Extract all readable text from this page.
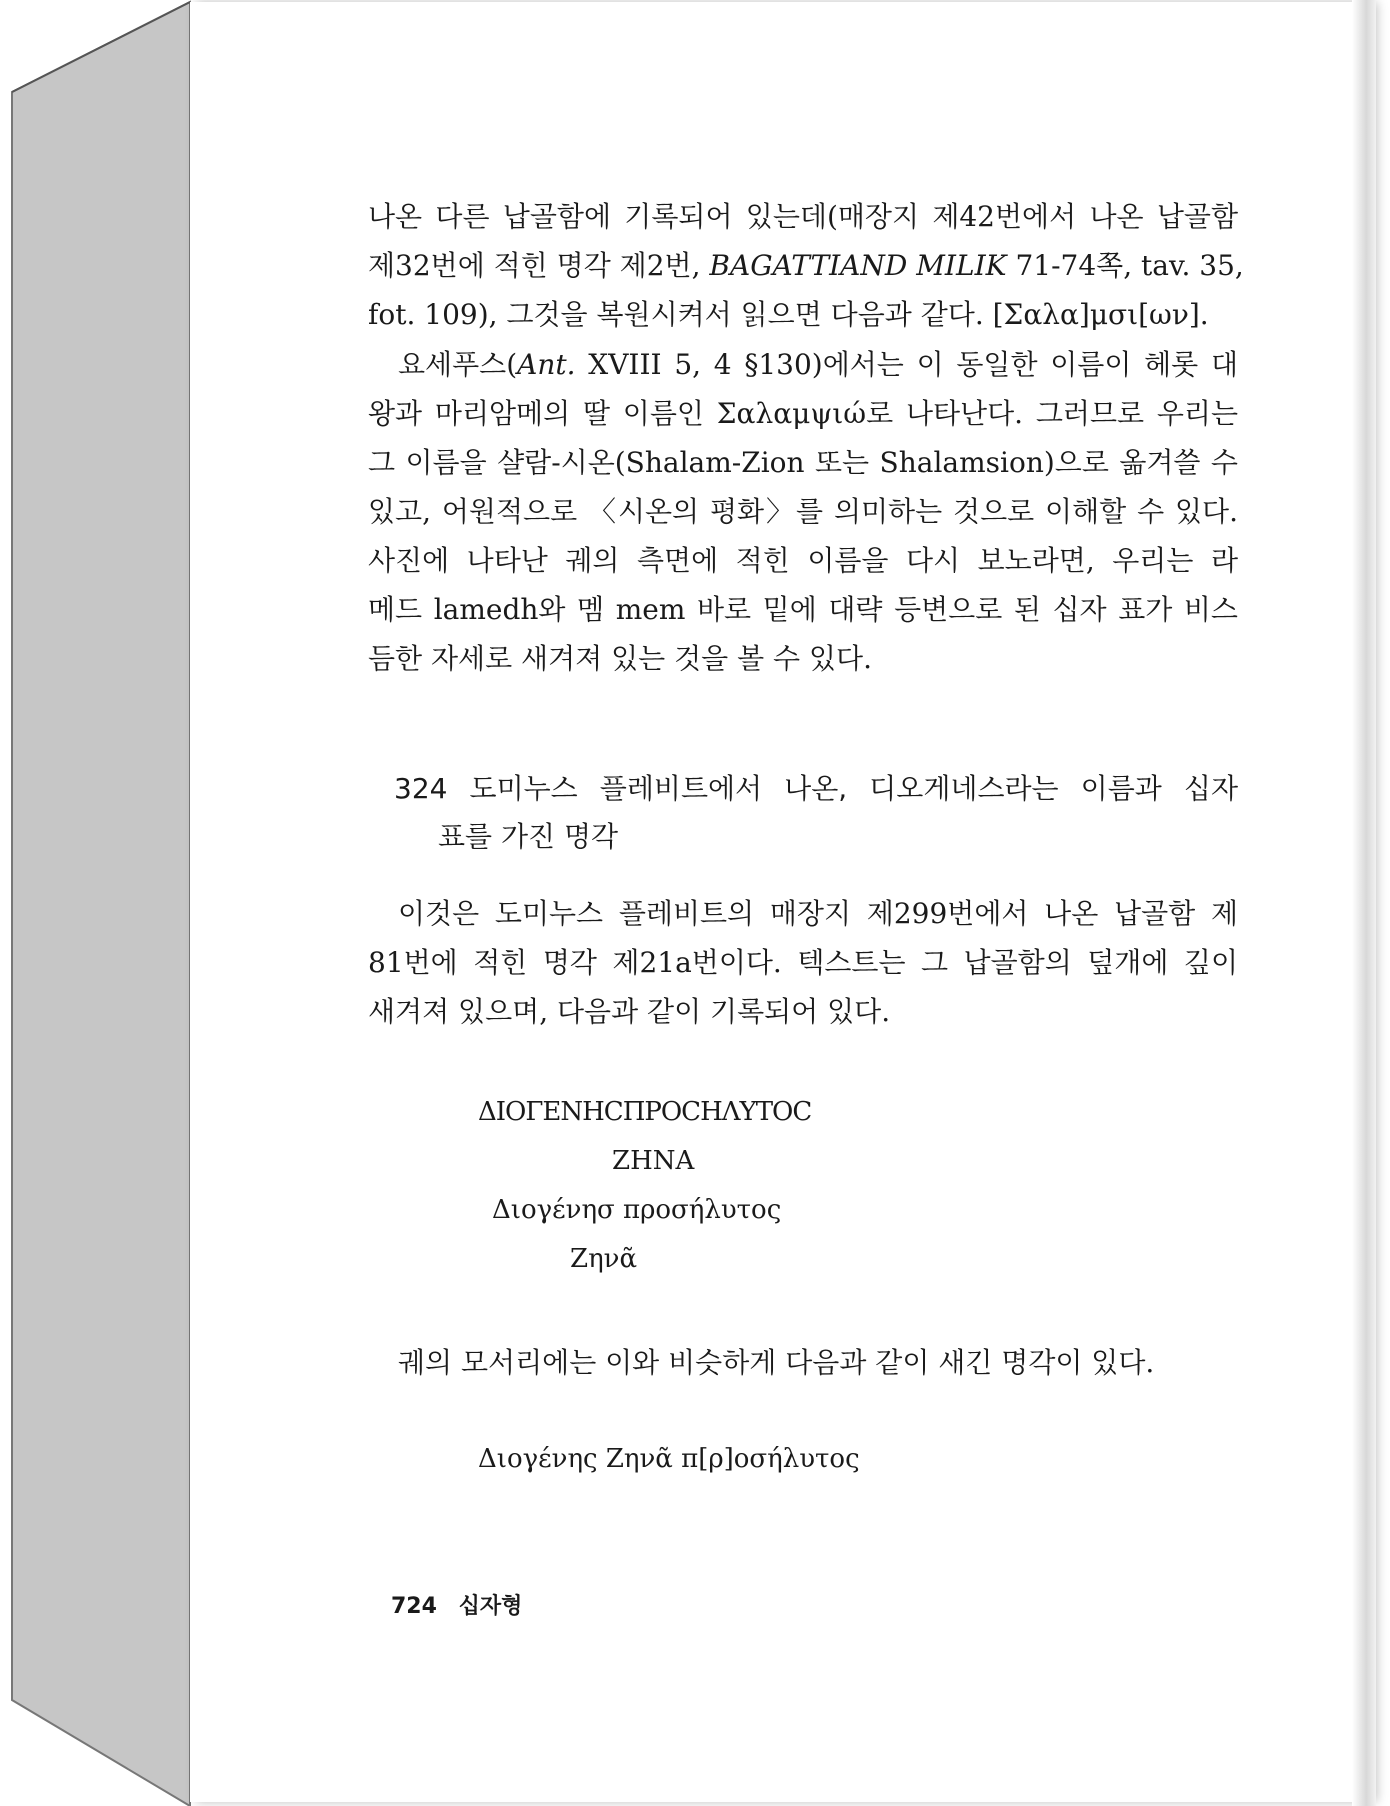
나온 다른 납골함에 기록되어 있는데(매장지 제42번에서 나온 납골함
제32번에 적힌 명각 제2번, BAGATTIAND MILIK 71-74쪽, tav. 35,
fot. 109), 그것을 복원시켜서 읽으면 다음과 같다. [Σαλα]μσι[ων].
요세푸스(Ant. XVIII 5, 4 §130)에서는 이 동일한 이름이 헤롯 대
왕과 마리암메의 딸 이름인 Σαλαμψιώ로 나타난다. 그러므로 우리는
그 이름을 샬람-시온(Shalam-Zion 또는 Shalamsion)으로 옮겨쓸 수
있고, 어원적으로 〈시온의 평화〉를 의미하는 것으로 이해할 수 있다.
사진에 나타난 궤의 측면에 적힌 이름을 다시 보노라면, 우리는 라
메드 lamedh와 멤 mem 바로 밑에 대략 등변으로 된 십자 표가 비스
듬한 자세로 새겨져 있는 것을 볼 수 있다.
324 도미누스 플레비트에서 나온, 디오게네스라는 이름과 십자
표를 가진 명각
이것은 도미누스 플레비트의 매장지 제299번에서 나온 납골함 제
81번에 적힌 명각 제21a번이다. 텍스트는 그 납골함의 덮개에 깊이
새겨져 있으며, 다음과 같이 기록되어 있다.
ΔΙΟΓΕΝΗCΠΡΟCΗΛΥΤΟC
ZHNA
Διογένησ προσήλυτος
Ζηνᾶ
궤의 모서리에는 이와 비슷하게 다음과 같이 새긴 명각이 있다.
Διογένης Ζηνᾶ π[ρ]οσήλυτος
724 십자형
